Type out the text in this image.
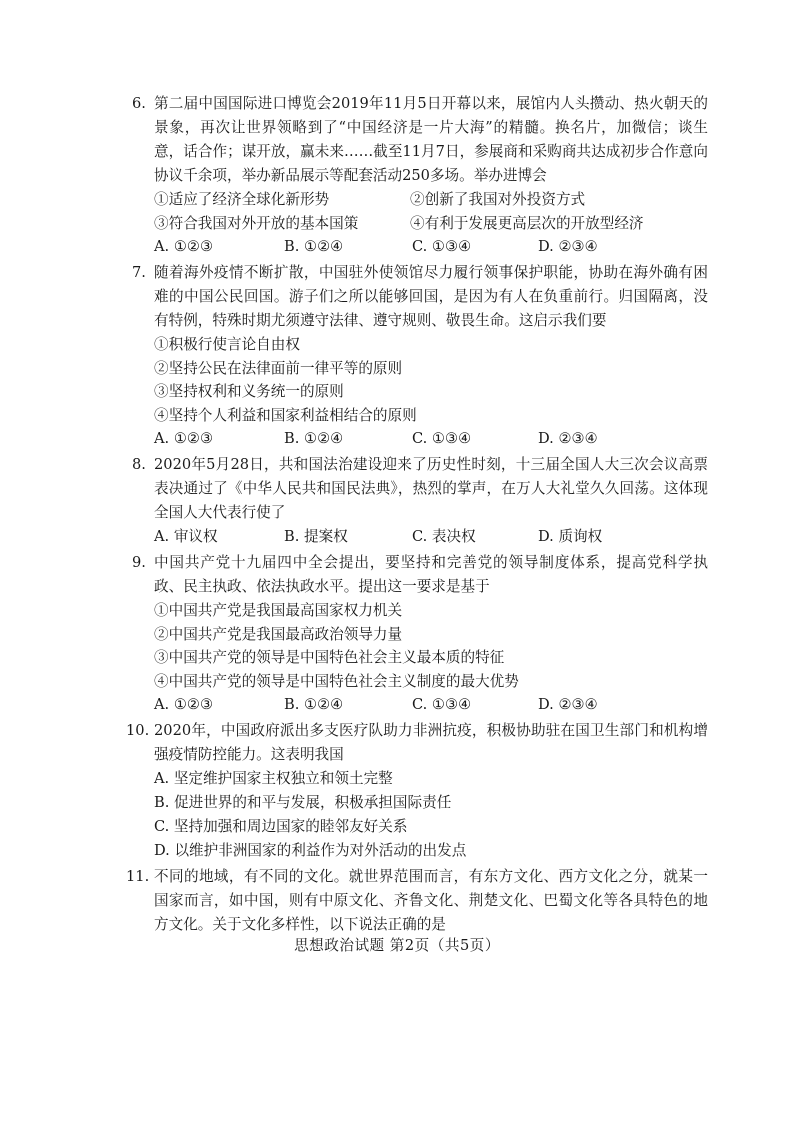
6. 第二届中国国际进口博览会2019年11月5日开幕以来，展馆内人头攒动、热火朝天的景象，再次让世界领略到了“中国经济是一片大海”的精髓。换名片，加微信；谈生意，话合作；谋开放，赢未来……截至11月7日，参展商和采购商共达成初步合作意向协议千余项，举办新品展示等配套活动250多场。举办进博会
①适应了经济全球化新形势	②创新了我国对外投资方式
③符合我国对外开放的基本国策	④有利于发展更高层次的开放型经济
A. ①②③	B. ①②④	C. ①③④	D. ②③④
7. 随着海外疫情不断扩散，中国驻外使领馆尽力履行领事保护职能，协助在海外确有困难的中国公民回国。游子们之所以能够回国，是因为有人在负重前行。归国隔离，没有特例，特殊时期尤须遵守法律、遵守规则、敬畏生命。这启示我们要
①积极行使言论自由权
②坚持公民在法律面前一律平等的原则
③坚持权利和义务统一的原则
④坚持个人利益和国家利益相结合的原则
A. ①②③	B. ①②④	C. ①③④	D. ②③④
8. 2020年5月28日，共和国法治建设迎来了历史性时刻，十三届全国人大三次会议高票表决通过了《中华人民共和国民法典》，热烈的掌声，在万人大礼堂久久回荡。这体现全国人大代表行使了
A. 审议权	B. 提案权	C. 表决权	D. 质询权
9. 中国共产党十九届四中全会提出，要坚持和完善党的领导制度体系，提高党科学执政、民主执政、依法执政水平。提出这一要求是基于
①中国共产党是我国最高国家权力机关
②中国共产党是我国最高政治领导力量
③中国共产党的领导是中国特色社会主义最本质的特征
④中国共产党的领导是中国特色社会主义制度的最大优势
A. ①②③	B. ①②④	C. ①③④	D. ②③④
10. 2020年，中国政府派出多支医疗队助力非洲抗疫，积极协助驻在国卫生部门和机构增强疫情防控能力。这表明我国
A. 坚定维护国家主权独立和领土完整
B. 促进世界的和平与发展，积极承担国际责任
C. 坚持加强和周边国家的睦邻友好关系
D. 以维护非洲国家的利益作为对外活动的出发点
11. 不同的地域，有不同的文化。就世界范围而言，有东方文化、西方文化之分，就某一国家而言，如中国，则有中原文化、齐鲁文化、荆楚文化、巴蜀文化等各具特色的地方文化。关于文化多样性，以下说法正确的是
思想政治试题 第2页（共5页）
